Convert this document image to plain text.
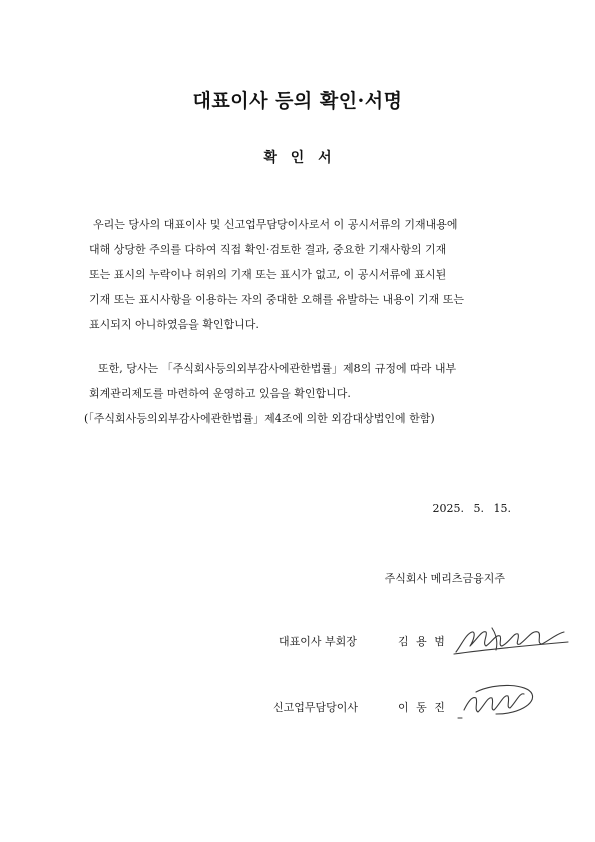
대표이사 등의 확인·서명
확 인 서
우리는 당사의 대표이사 및 신고업무담당이사로서 이 공시서류의 기재내용에
대해 상당한 주의를 다하여 직접 확인·검토한 결과, 중요한 기재사항의 기재
또는 표시의 누락이나 허위의 기재 또는 표시가 없고, 이 공시서류에 표시된
기재 또는 표시사항을 이용하는 자의 중대한 오해를 유발하는 내용이 기재 또는
표시되지 아니하였음을 확인합니다.
또한, 당사는 「주식회사등의외부감사에관한법률」제8의 규정에 따라 내부
회계관리제도를 마련하여 운영하고 있음을 확인합니다.
(「주식회사등의외부감사에관한법률」제4조에 의한 외감대상법인에 한함)
2025. 5. 15.
주식회사 메리츠금융지주
대표이사 부회장	김 용 범
신고업무담당이사	이 동 진
